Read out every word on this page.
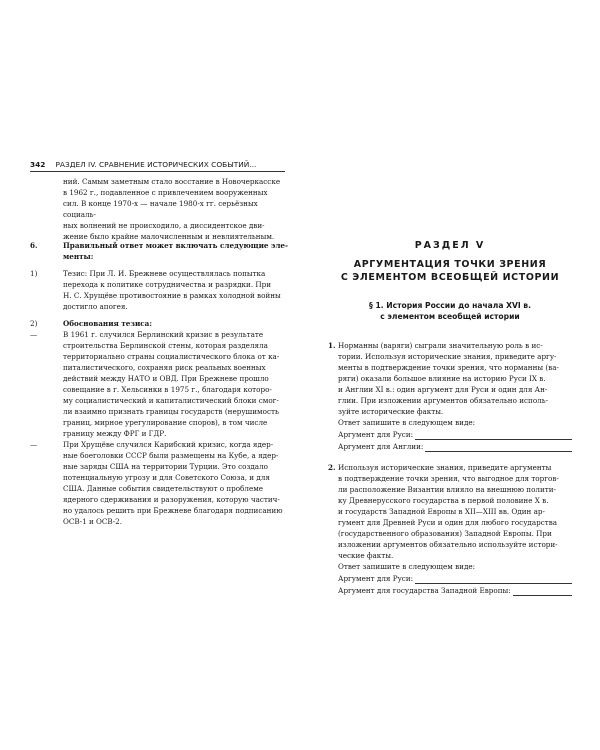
342 РАЗДЕЛ IV. СРАВНЕНИЕ ИСТОРИЧЕСКИХ СОБЫТИЙ...

ний. Самым заметным стало восстание в Новочеркасске

в 1962 г., подавленное с привлечением вооруженных

сил. В конце 1970-х — начале 1980-х гг. серьёзных социаль-

ных волнений не происходило, а диссидентское дви-

жение было крайне малочисленным и невлиятельным.

6.	Правильный ответ может включать следующие эле-

менты:

1)	Тезис: При Л. И. Брежневе осуществлялась попытка

перехода к политике сотрудничества и разрядки. При

Н. С. Хрущёве противостояние в рамках холодной войны

достигло апогея.

2)	Обоснования тезиса:

—	В 1961 г. случился Берлинский кризис в результате

строительства Берлинской стены, которая разделяла

территориально страны социалистического блока от ка-

питалистического, сохраняя риск реальных военных

действий между НАТО и ОВД. При Брежневе прошло

совещание в г. Хельсинки в 1975 г., благодаря которо-

му социалистический и капиталистический блоки смог-

ли взаимно признать границы государств (нерушимость

границ, мирное урегулирование споров), в том числе

границу между ФРГ и ГДР.

—	При Хрущёве случился Карибский кризис, когда ядер-

ные боеголовки СССР были размещены на Кубе, а ядер-

ные заряды США на территории Турции. Это создало

потенциальную угрозу и для Советского Союза, и для

США. Данные события свидетельствуют о проблеме

ядерного сдерживания и разоружения, которую частич-

но удалось решить при Брежневе благодаря подписанию

ОСВ-1 и ОСВ-2.

РАЗДЕЛ V
АРГУМЕНТАЦИЯ ТОЧКИ ЗРЕНИЯ
С ЭЛЕМЕНТОМ ВСЕОБЩЕЙ ИСТОРИИ
§ 1. История России до начала XVI в.
с элементом всеобщей истории
1. Норманны (варяги) сыграли значительную роль в ис-

тории. Используя исторические знания, приведите аргу-

менты в подтверждение точки зрения, что норманны (ва-

ряги) оказали большое влияние на историю Руси IX в.

и Англии XI в.: один аргумент для Руси и один для Ан-

глии. При изложении аргументов обязательно исполь-

зуйте исторические факты.

Ответ запишите в следующем виде:

Аргумент для Руси:
Аргумент для Англии:
2. Используя исторические знания, приведите аргументы

в подтверждение точки зрения, что выгодное для торгов-

ли расположение Византии влияло на внешнюю полити-

ку Древнерусского государства в первой половине X в.

и государств Западной Европы в XII—XIII вв. Один ар-

гумент для Древней Руси и один для любого государства

(государственного образования) Западной Европы. При

изложении аргументов обязательно используйте истори-

ческие факты.

Ответ запишите в следующем виде:

Аргумент для Руси:
Аргумент для государства Западной Европы:
